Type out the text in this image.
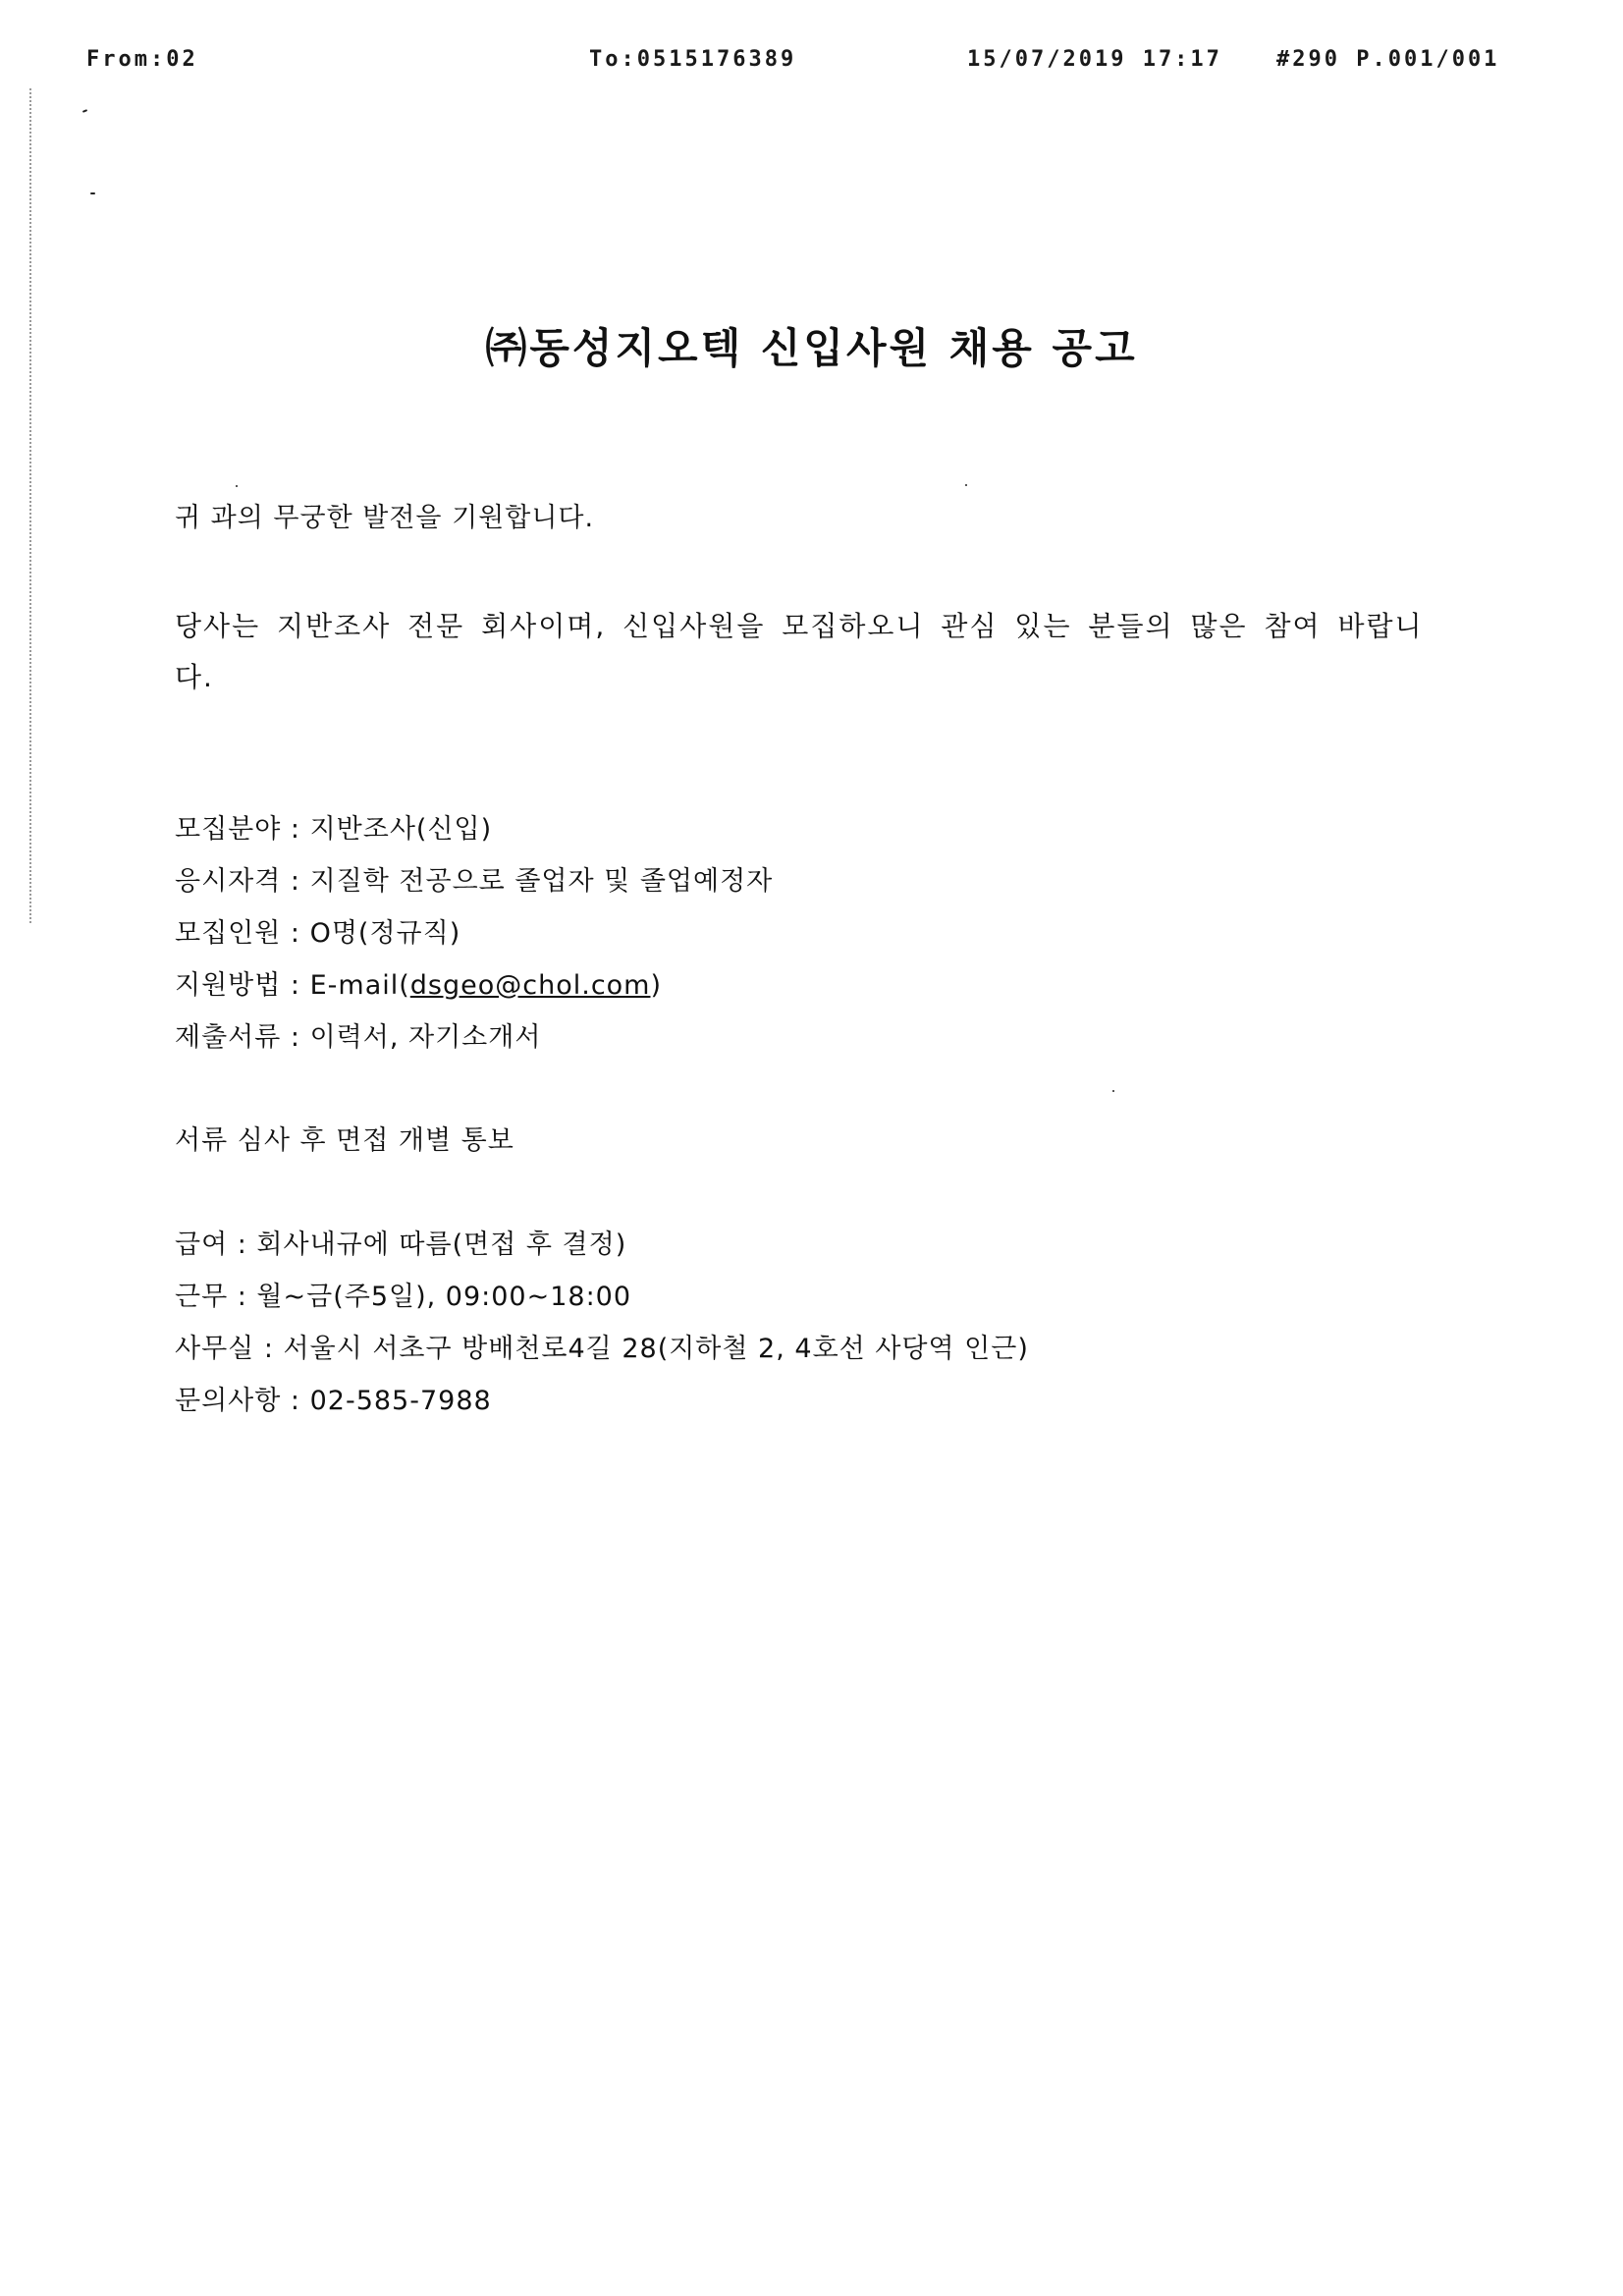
From:02	To:0515176389	15/07/2019 17:17	#290 P.001/001
㈜동성지오텍 신입사원 채용 공고
귀 과의 무궁한 발전을 기원합니다.

당사는 지반조사 전문 회사이며, 신입사원을 모집하오니 관심 있는 분들의 많은 참여 바랍니다.

모집분야 : 지반조사(신입)
응시자격 : 지질학 전공으로 졸업자 및 졸업예정자
모집인원 : O명(정규직)
지원방법 : E-mail(dsgeo@chol.com)
제출서류 : 이력서, 자기소개서
서류 심사 후 면접 개별 통보
급여 : 회사내규에 따름(면접 후 결정)
근무 : 월~금(주5일), 09:00~18:00
사무실 : 서울시 서초구 방배천로4길 28(지하철 2, 4호선 사당역 인근)
문의사항 : 02-585-7988
